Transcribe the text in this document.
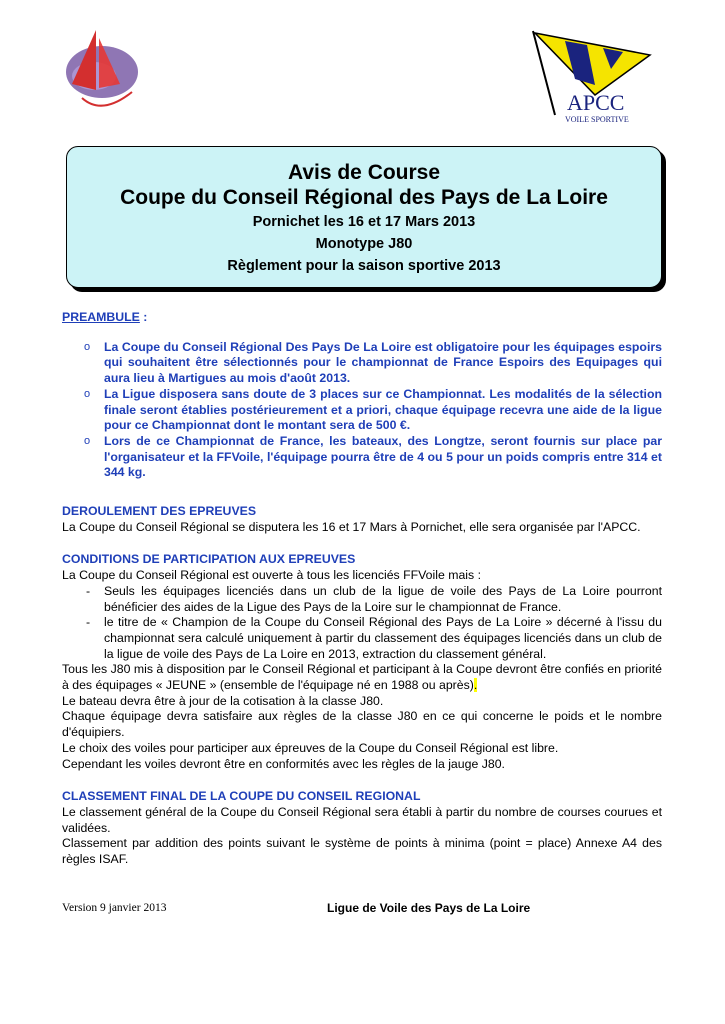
APCC
VOILE SPORTIVE
Avis de Course
Coupe du Conseil Régional des Pays de La Loire
Pornichet les 16 et 17 Mars 2013
Monotype J80
Règlement pour la saison sportive 2013
PREAMBULE :
o La Coupe du Conseil Régional Des Pays De La Loire est obligatoire pour les équipages espoirs qui souhaitent être sélectionnés pour le championnat de France Espoirs des Equipages qui aura lieu à Martigues au mois d'août 2013.
o La Ligue disposera sans doute de 3 places sur ce Championnat. Les modalités de la sélection finale seront établies postérieurement et a priori, chaque équipage recevra une aide de la ligue pour ce Championnat dont le montant sera de 500 €.
o Lors de ce Championnat de France, les bateaux, des Longtze, seront fournis sur place par l'organisateur et la FFVoile, l'équipage pourra être de 4 ou 5 pour un poids compris entre 314 et 344 kg.
DEROULEMENT DES EPREUVES
La Coupe du Conseil Régional se disputera les 16 et 17 Mars à Pornichet, elle sera organisée par l'APCC.
CONDITIONS DE PARTICIPATION AUX EPREUVES
La Coupe du Conseil Régional est ouverte à tous les licenciés FFVoile mais :
- Seuls les équipages licenciés dans un club de la ligue de voile des Pays de La Loire pourront bénéficier des aides de la Ligue des Pays de la Loire sur le championnat de France.
- le titre de « Champion de la Coupe du Conseil Régional des Pays de La Loire » décerné à l'issu du championnat sera calculé uniquement à partir du classement des équipages licenciés dans un club de la ligue de voile des Pays de La Loire en 2013, extraction du classement général.
Tous les J80 mis à disposition par le Conseil Régional et participant à la Coupe devront être confiés en priorité à des équipages « JEUNE » (ensemble de l'équipage né en 1988 ou après).
Le bateau devra être à jour de la cotisation à la classe J80.
Chaque équipage devra satisfaire aux règles de la classe J80 en ce qui concerne le poids et le nombre d'équipiers.
Le choix des voiles pour participer aux épreuves de la Coupe du Conseil Régional est libre.
Cependant les voiles devront être en conformités avec les règles de la jauge J80.
CLASSEMENT FINAL DE LA COUPE DU CONSEIL REGIONAL
Le classement général de la Coupe du Conseil Régional sera établi à partir du nombre de courses courues et validées.
Classement par addition des points suivant le système de points à minima (point = place) Annexe A4 des règles ISAF.
Version 9 janvier 2013	Ligue de Voile des Pays de La Loire
